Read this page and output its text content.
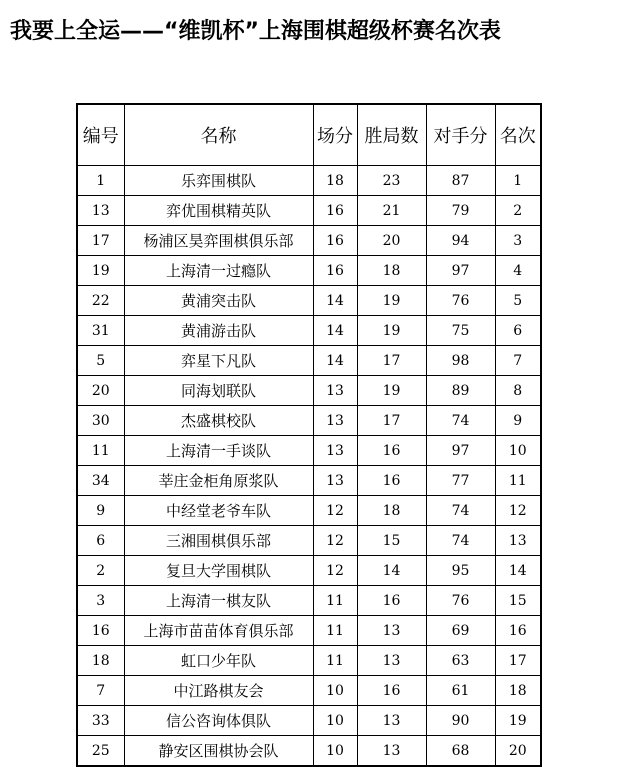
我要上全运——“维凯杯”上海围棋超级杯赛名次表
编号	名称	场分	胜局数	对手分	名次
1	乐弈围棋队	18	23	87	1
13	弈优围棋精英队	16	21	79	2
17	杨浦区昊弈围棋俱乐部	16	20	94	3
19	上海清一过瘾队	16	18	97	4
22	黄浦突击队	14	19	76	5
31	黄浦游击队	14	19	75	6
5	弈星下凡队	14	17	98	7
20	同海划联队	13	19	89	8
30	杰盛棋校队	13	17	74	9
11	上海清一手谈队	13	16	97	10
34	莘庄金柜角原浆队	13	16	77	11
9	中经堂老爷车队	12	18	74	12
6	三湘围棋俱乐部	12	15	74	13
2	复旦大学围棋队	12	14	95	14
3	上海清一棋友队	11	16	76	15
16	上海市苗苗体育俱乐部	11	13	69	16
18	虹口少年队	11	13	63	17
7	中江路棋友会	10	16	61	18
33	信公咨询体俱队	10	13	90	19
25	静安区围棋协会队	10	13	68	20
